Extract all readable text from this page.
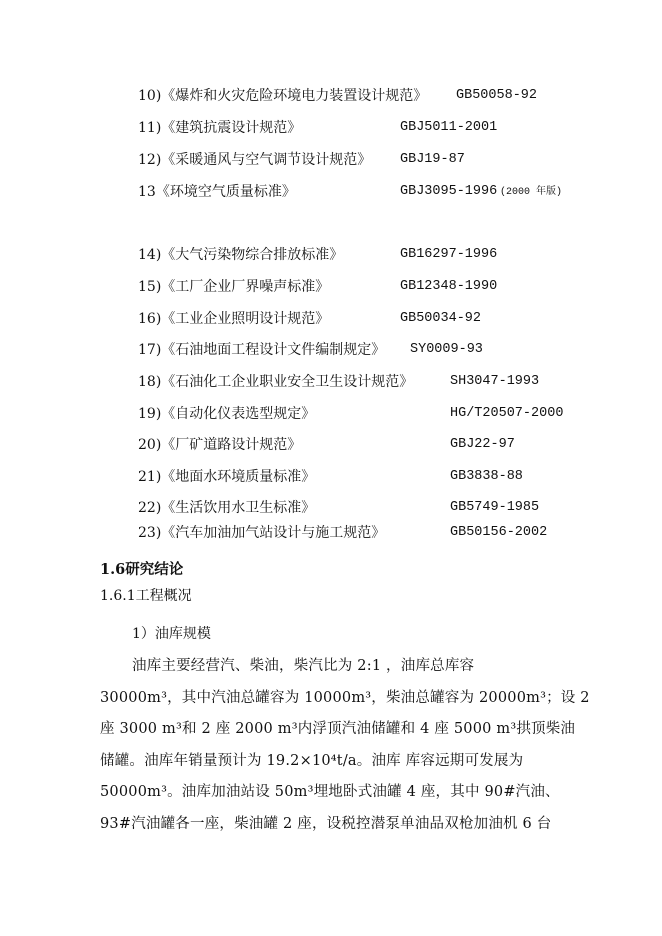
10)《爆炸和火灾危险环境电力装置设计规范》 GB50058-92
11)《建筑抗震设计规范》	GBJ5011-2001
12)《采暖通风与空气调节设计规范》 GBJ19-87
13《环境空气质量标准》	GBJ3095-1996 (2000 年版)
14)《大气污染物综合排放标准》	GB16297-1996
15)《工厂企业厂界噪声标准》	GB12348-1990
16)《工业企业照明设计规范》	GB50034-92
17)《石油地面工程设计文件编制规定》 SY0009-93
18)《石油化工企业职业安全卫生设计规范》	SH3047-1993
19)《自动化仪表选型规定》	HG/T20507-2000
20)《厂矿道路设计规范》	GBJ22-97
21)《地面水环境质量标准》	GB3838-88
22)《生活饮用水卫生标准》	GB5749-1985
23)《汽车加油加气站设计与施工规范》	GB50156-2002
1.6研究结论
1.6.1工程概况
1）油库规模
油库主要经营汽、柴油，柴汽比为 2:1 ，油库总库容
30000m³，其中汽油总罐容为 10000m³，柴油总罐容为 20000m³；设 2
座 3000 m³和 2 座 2000 m³内浮顶汽油储罐和 4 座 5000 m³拱顶柴油
储罐。油库年销量预计为 19.2×10⁴t/a。油库 库容远期可发展为
50000m³。油库加油站设 50m³埋地卧式油罐 4 座，其中 90#汽油、
93#汽油罐各一座，柴油罐 2 座，设税控潜泵单油品双枪加油机 6 台
